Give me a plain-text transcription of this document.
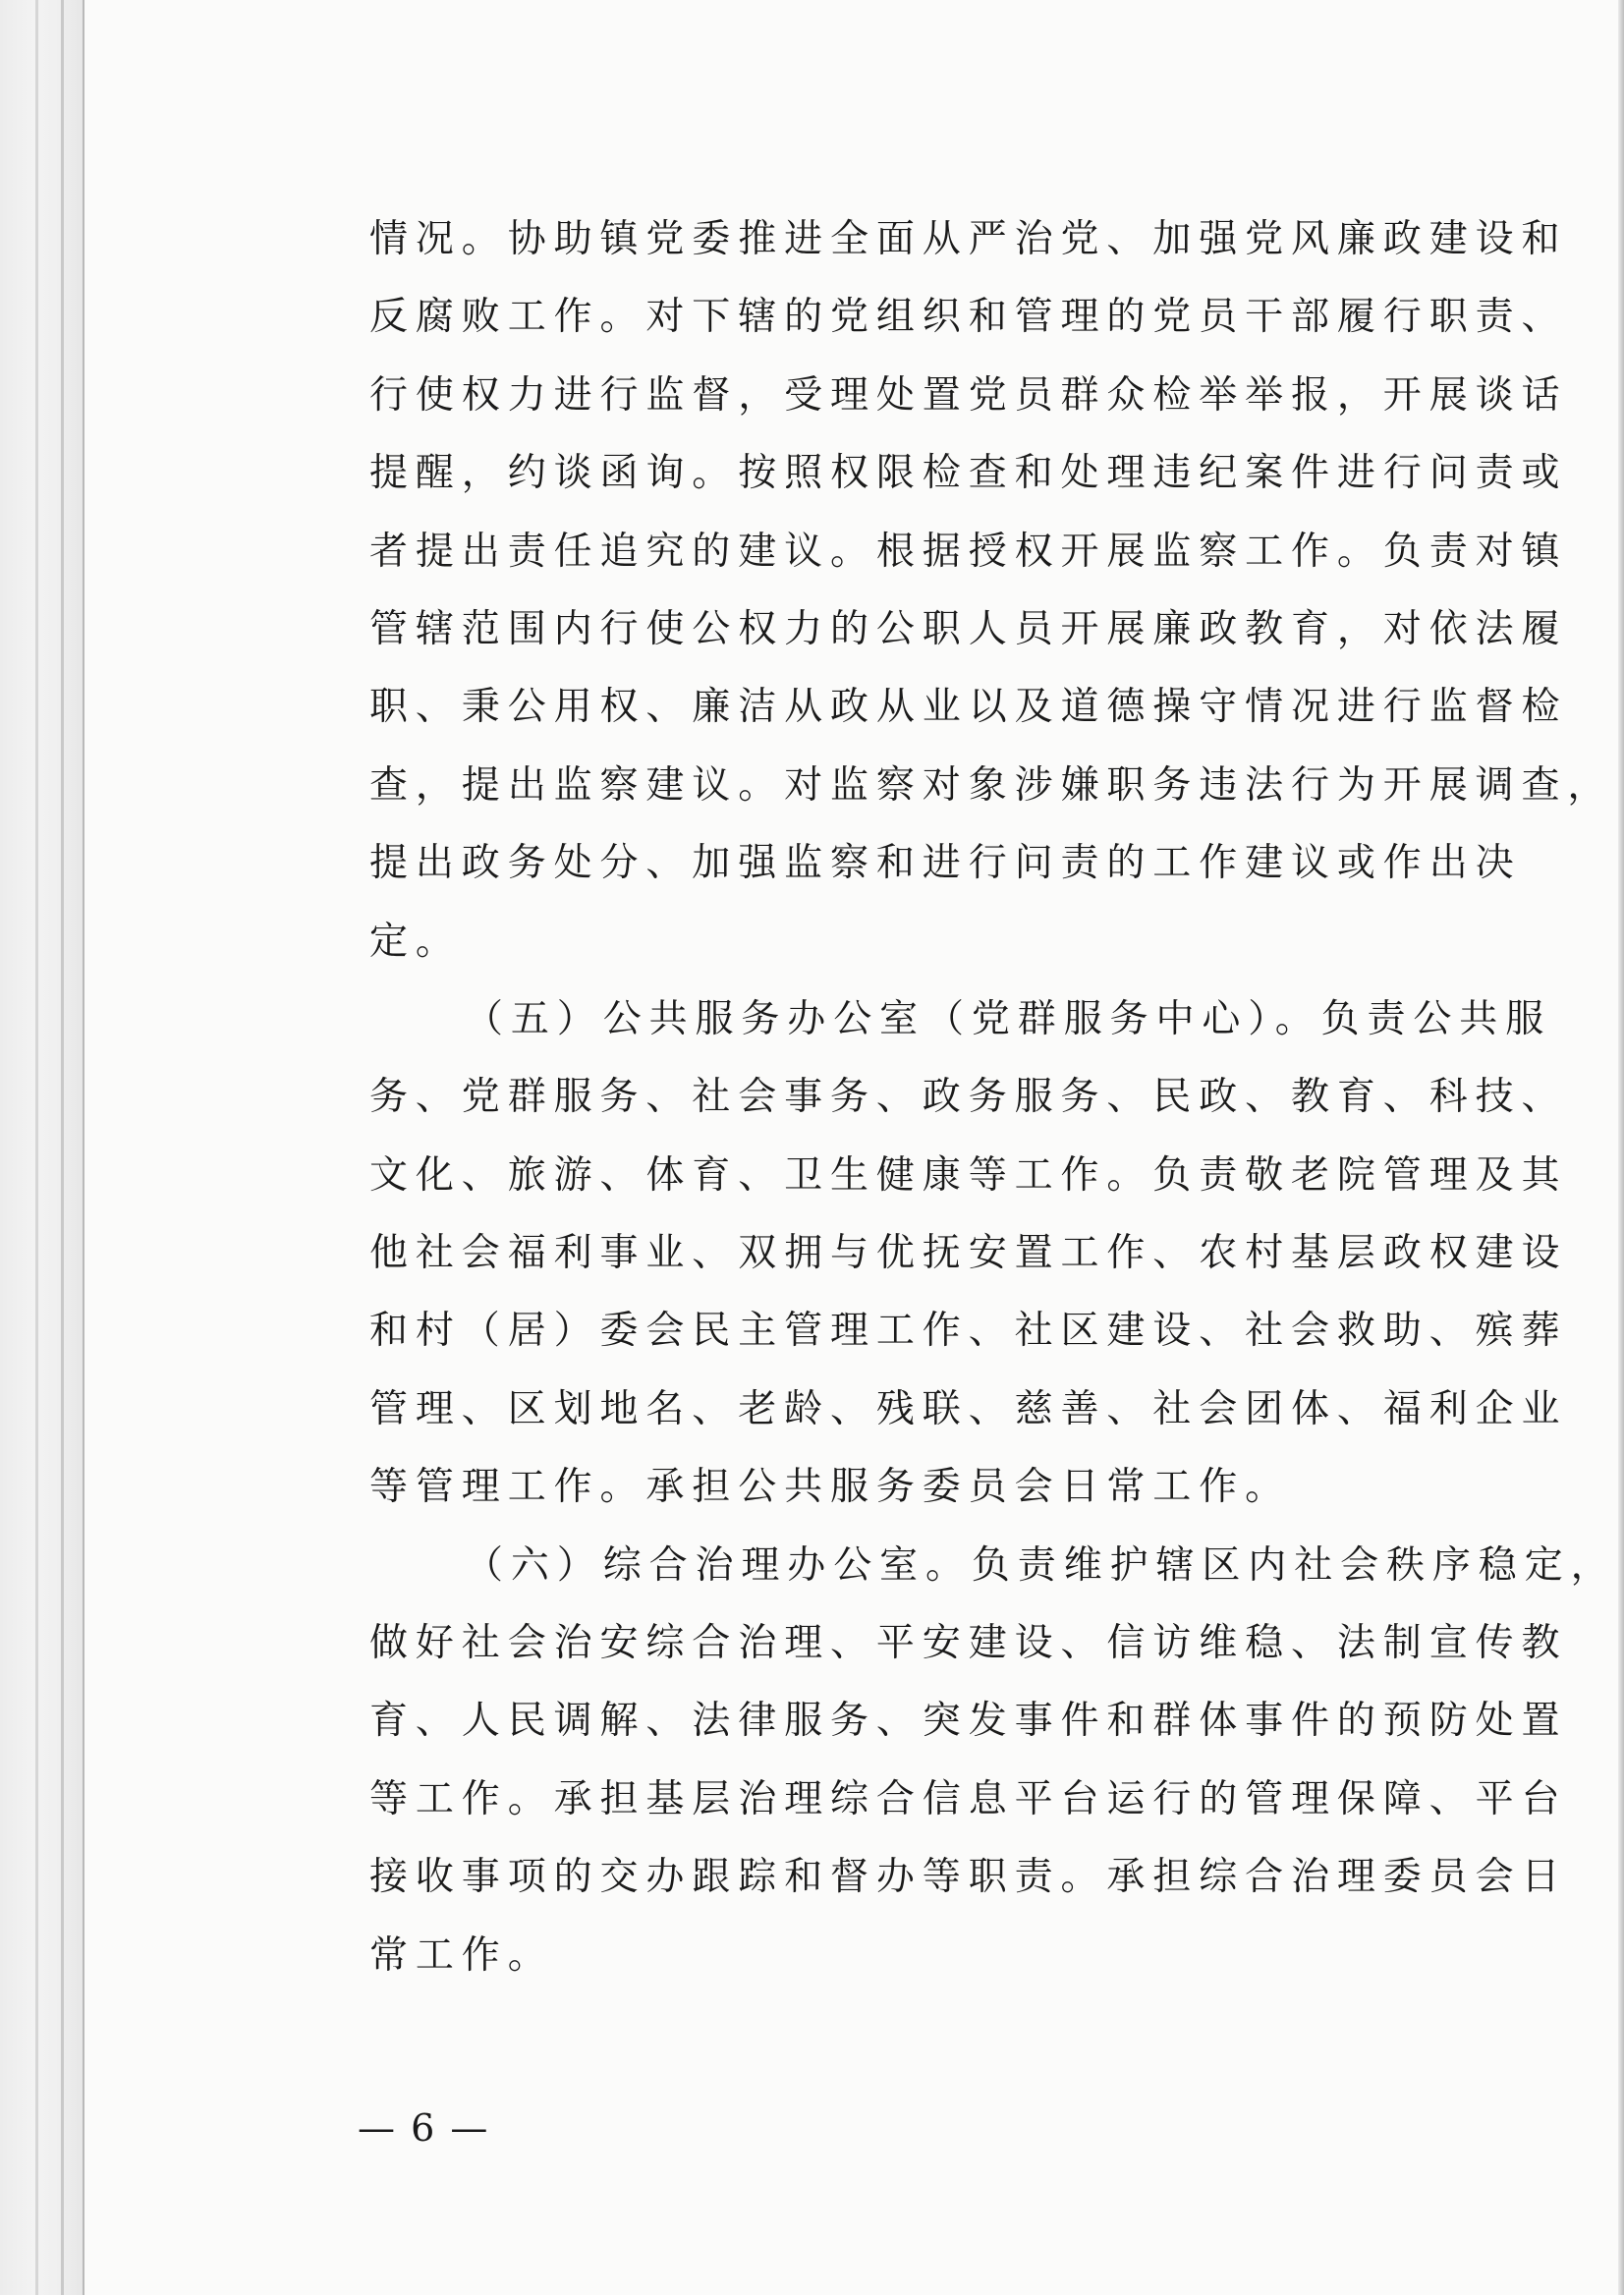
情况。协助镇党委推进全面从严治党、加强党风廉政建设和
反腐败工作。对下辖的党组织和管理的党员干部履行职责、
行使权力进行监督，受理处置党员群众检举举报，开展谈话
提醒，约谈函询。按照权限检查和处理违纪案件进行问责或
者提出责任追究的建议。根据授权开展监察工作。负责对镇
管辖范围内行使公权力的公职人员开展廉政教育，对依法履
职、秉公用权、廉洁从政从业以及道德操守情况进行监督检
查，提出监察建议。对监察对象涉嫌职务违法行为开展调查，
提出政务处分、加强监察和进行问责的工作建议或作出决
定。
（五）公共服务办公室（党群服务中心）。负责公共服
务、党群服务、社会事务、政务服务、民政、教育、科技、
文化、旅游、体育、卫生健康等工作。负责敬老院管理及其
他社会福利事业、双拥与优抚安置工作、农村基层政权建设
和村（居）委会民主管理工作、社区建设、社会救助、殡葬
管理、区划地名、老龄、残联、慈善、社会团体、福利企业
等管理工作。承担公共服务委员会日常工作。
（六）综合治理办公室。负责维护辖区内社会秩序稳定，
做好社会治安综合治理、平安建设、信访维稳、法制宣传教
育、人民调解、法律服务、突发事件和群体事件的预防处置
等工作。承担基层治理综合信息平台运行的管理保障、平台
接收事项的交办跟踪和督办等职责。承担综合治理委员会日
常工作。
— 6 —
